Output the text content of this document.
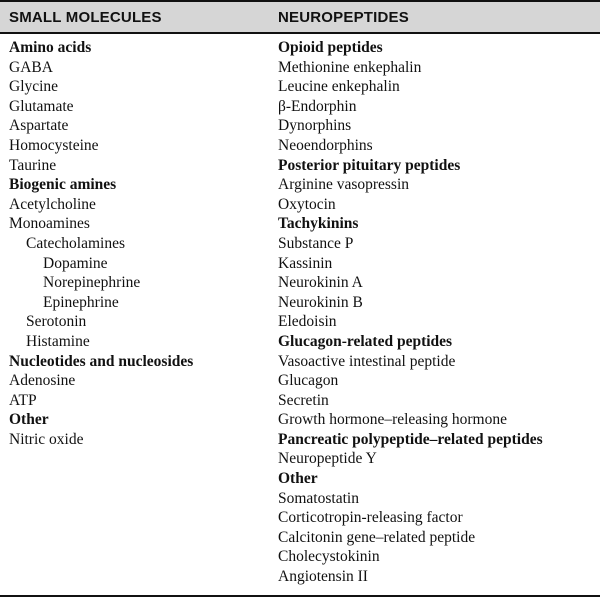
SMALL MOLECULES	NEUROPEPTIDES
Amino acids
GABA
Glycine
Glutamate
Aspartate
Homocysteine
Taurine
Biogenic amines
Acetylcholine
Monoamines
Catecholamines
Dopamine
Norepinephrine
Epinephrine
Serotonin
Histamine
Nucleotides and nucleosides
Adenosine
ATP
Other
Nitric oxide
Opioid peptides
Methionine enkephalin
Leucine enkephalin
β-Endorphin
Dynorphins
Neoendorphins
Posterior pituitary peptides
Arginine vasopressin
Oxytocin
Tachykinins
Substance P
Kassinin
Neurokinin A
Neurokinin B
Eledoisin
Glucagon-related peptides
Vasoactive intestinal peptide
Glucagon
Secretin
Growth hormone–releasing hormone
Pancreatic polypeptide–related peptides
Neuropeptide Y
Other
Somatostatin
Corticotropin-releasing factor
Calcitonin gene–related peptide
Cholecystokinin
Angiotensin II
